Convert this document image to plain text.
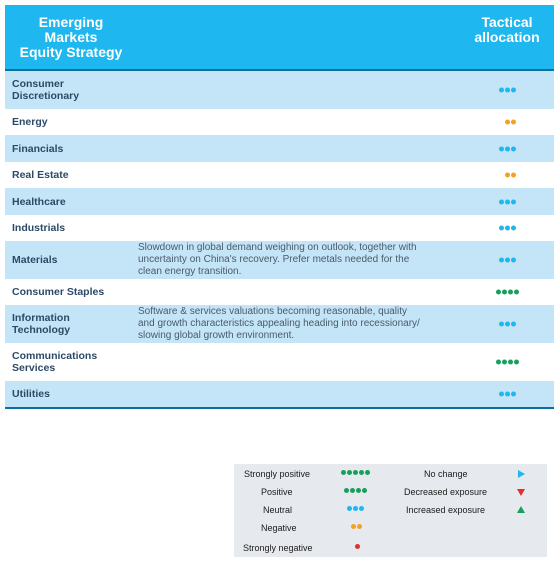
Emerging
Markets
Equity Strategy
Tactical
allocation
Consumer
Discretionary
Energy
Financials
Real Estate
Healthcare
Industrials
Materials
Slowdown in global demand weighing on outlook, together with
uncertainty on China's recovery. Prefer metals needed for the
clean energy transition.
Consumer Staples
Information
Technology
Software & services valuations becoming reasonable, quality
and growth characteristics appealing heading into recessionary/
slowing global growth environment.
Communications
Services
Utilities
Strongly positive
Positive
Neutral
Negative
Strongly negative
No change
Decreased exposure
Increased exposure
